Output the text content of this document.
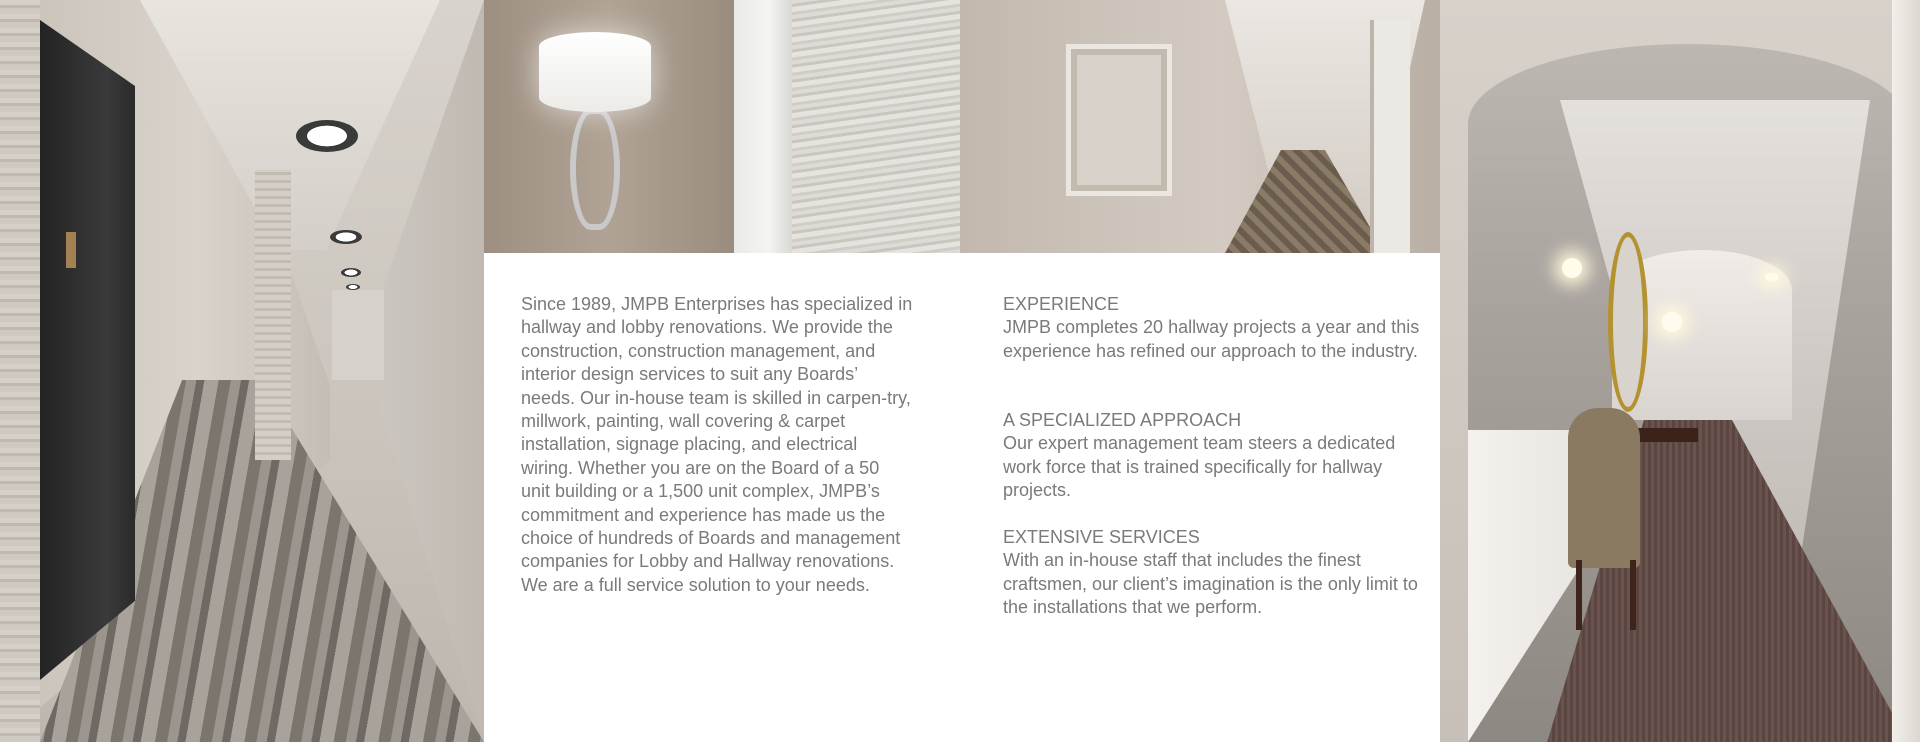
Since 1989, JMPB Enterprises has specialized in hallway and lobby renovations. We provide the construction, construction management, and interior design services to suit any Boards’ needs. Our in-house team is skilled in carpen-try, millwork, painting, wall covering & carpet installation, signage placing, and electrical wiring. Whether you are on the Board of a 50 unit building or a 1,500 unit complex, JMPB’s commitment and experience has made us the choice of hundreds of Boards and management companies for Lobby and Hallway renovations. We are a full service solution to your needs.

EXPERIENCE

JMPB completes 20 hallway projects a year and this experience has refined our approach to the industry.

A SPECIALIZED APPROACH

Our expert management team steers a dedicated work force that is trained specifically for hallway projects.

EXTENSIVE SERVICES

With an in-house staff that includes the finest craftsmen, our client’s imagination is the only limit to the installations that we perform.
